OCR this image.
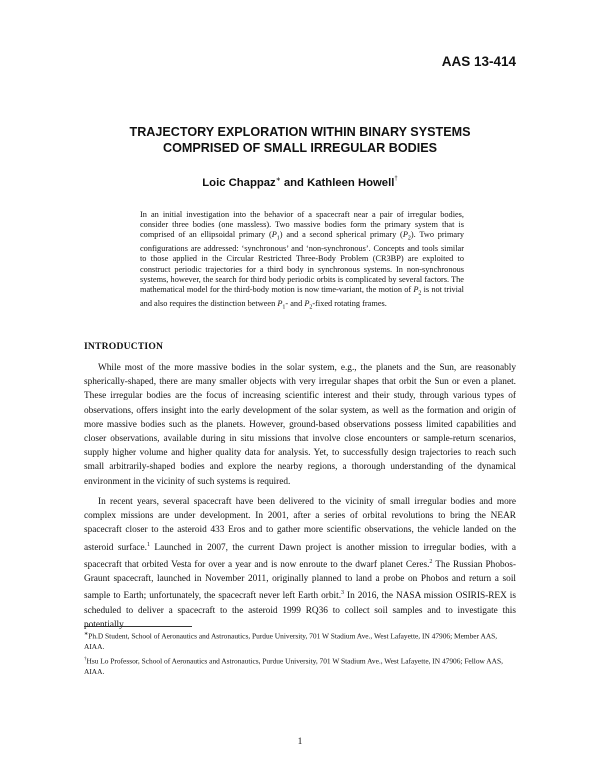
AAS 13-414
TRAJECTORY EXPLORATION WITHIN BINARY SYSTEMS
COMPRISED OF SMALL IRREGULAR BODIES
Loic Chappaz∗ and Kathleen Howell†
In an initial investigation into the behavior of a spacecraft near a pair of irregular bodies, consider three bodies (one massless). Two massive bodies form the primary system that is comprised of an ellipsoidal primary $(P_1)$ and a second spherical primary $(P_2)$. Two primary configurations are addressed: ‘synchronous’ and ‘non-synchronous’. Concepts and tools similar to those applied in the Circular Restricted Three-Body Problem (CR3BP) are exploited to construct periodic trajectories for a third body in synchronous systems. In non-synchronous systems, however, the search for third body periodic orbits is complicated by several factors. The mathematical model for the third-body motion is now time-variant, the motion of $P_2$ is not trivial and also requires the distinction between $P_1-$ and $P_2$-fixed rotating frames.
INTRODUCTION

While most of the more massive bodies in the solar system, e.g., the planets and the Sun, are reasonably spherically-shaped, there are many smaller objects with very irregular shapes that orbit the Sun or even a planet. These irregular bodies are the focus of increasing scientific interest and their study, through various types of observations, offers insight into the early development of the solar system, as well as the formation and origin of more massive bodies such as the planets. However, ground-based observations possess limited capabilities and closer observations, available during in situ missions that involve close encounters or sample-return scenarios, supply higher volume and higher quality data for analysis. Yet, to successfully design trajectories to reach such small arbitrarily-shaped bodies and explore the nearby regions, a thorough understanding of the dynamical environment in the vicinity of such systems is required.

In recent years, several spacecraft have been delivered to the vicinity of small irregular bodies and more complex missions are under development. In 2001, after a series of orbital revolutions to bring the NEAR spacecraft closer to the asteroid 433 Eros and to gather more scientific observations, the vehicle landed on the asteroid surface.$^1$ Launched in 2007, the current Dawn project is another mission to irregular bodies, with a spacecraft that orbited Vesta for over a year and is now enroute to the dwarf planet Ceres.$^2$ The Russian Phobos-Graunt spacecraft, launched in November 2011, originally planned to land a probe on Phobos and return a soil sample to Earth; unfortunately, the spacecraft never left Earth orbit.$^3$ In 2016, the NASA mission OSIRIS-REX is scheduled to deliver a spacecraft to the asteroid 1999 RQ36 to collect soil samples and to investigate this potentially

∗Ph.D Student, School of Aeronautics and Astronautics, Purdue University, 701 W Stadium Ave., West Lafayette, IN 47906; Member AAS, AIAA.

†Hsu Lo Professor, School of Aeronautics and Astronautics, Purdue University, 701 W Stadium Ave., West Lafayette, IN 47906; Fellow AAS, AIAA.

1
